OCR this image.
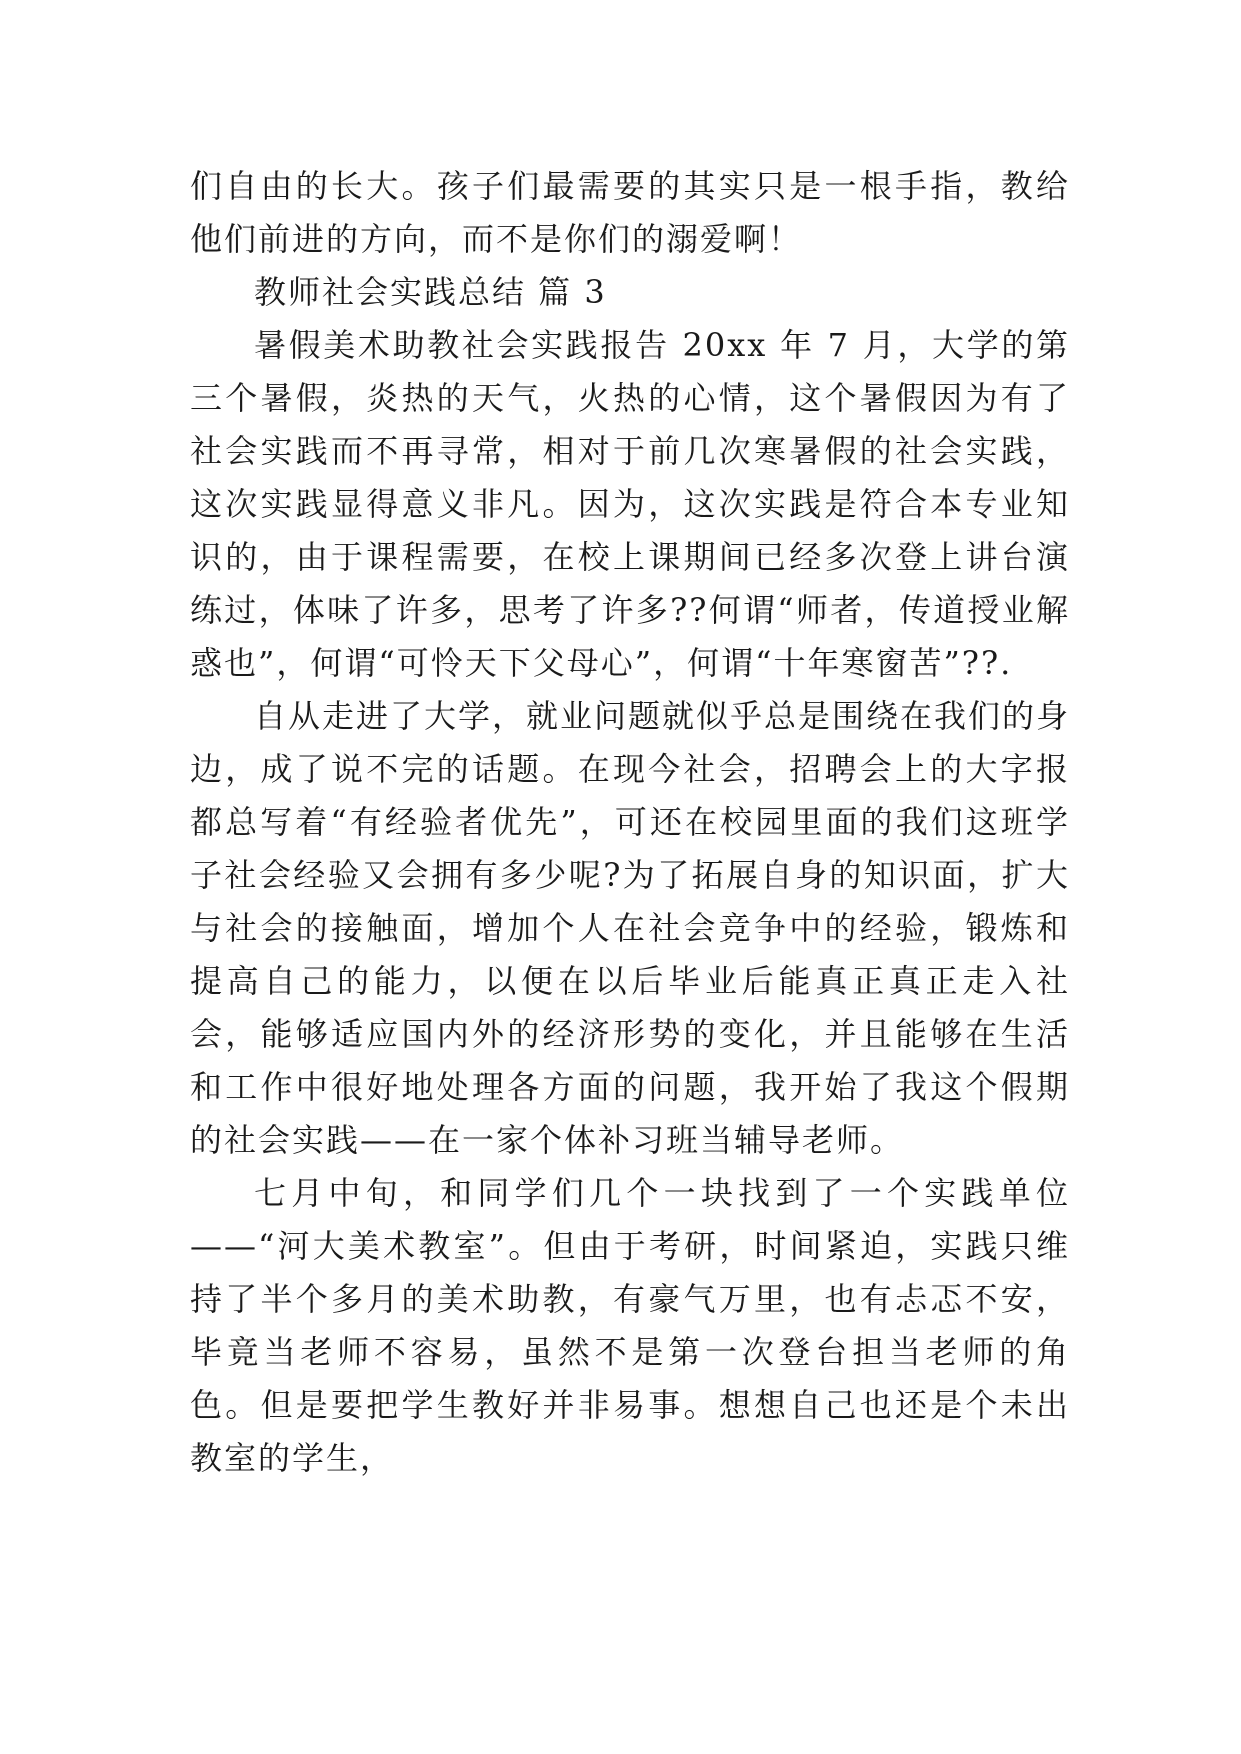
们自由的长大。孩子们最需要的其实只是一根手指，教给他们前进的方向，而不是你们的溺爱啊！

教师社会实践总结 篇 3

暑假美术助教社会实践报告 20xx 年 7 月，大学的第三个暑假，炎热的天气，火热的心情，这个暑假因为有了社会实践而不再寻常，相对于前几次寒暑假的社会实践，这次实践显得意义非凡。因为，这次实践是符合本专业知识的，由于课程需要，在校上课期间已经多次登上讲台演练过，体味了许多，思考了许多??何谓“师者，传道授业解惑也”，何谓“可怜天下父母心”，何谓“十年寒窗苦”??.

自从走进了大学，就业问题就似乎总是围绕在我们的身边，成了说不完的话题。在现今社会，招聘会上的大字报都总写着“有经验者优先”，可还在校园里面的我们这班学子社会经验又会拥有多少呢?为了拓展自身的知识面，扩大与社会的接触面，增加个人在社会竞争中的经验，锻炼和提高自己的能力，以便在以后毕业后能真正真正走入社会，能够适应国内外的经济形势的变化，并且能够在生活和工作中很好地处理各方面的问题，我开始了我这个假期的社会实践——在一家个体补习班当辅导老师。

七月中旬，和同学们几个一块找到了一个实践单位——“河大美术教室”。但由于考研，时间紧迫，实践只维持了半个多月的美术助教，有豪气万里，也有忐忑不安，毕竟当老师不容易，虽然不是第一次登台担当老师的角色。但是要把学生教好并非易事。想想自己也还是个未出教室的学生，
